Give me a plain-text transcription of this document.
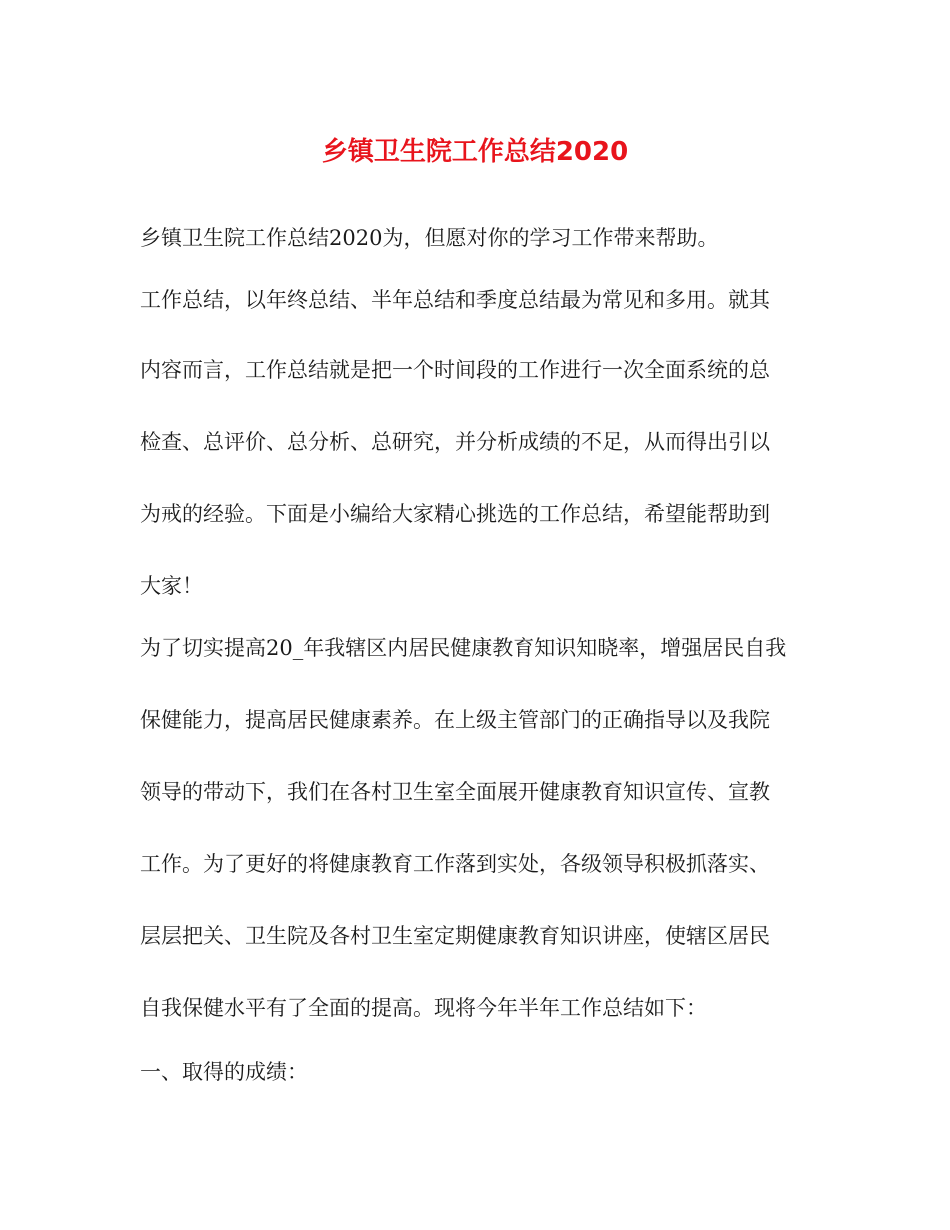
乡镇卫生院工作总结2020
乡镇卫生院工作总结2020为，但愿对你的学习工作带来帮助。
工作总结，以年终总结、半年总结和季度总结最为常见和多用。就其
内容而言，工作总结就是把一个时间段的工作进行一次全面系统的总
检查、总评价、总分析、总研究，并分析成绩的不足，从而得出引以
为戒的经验。下面是小编给大家精心挑选的工作总结，希望能帮助到
大家！
为了切实提高20_年我辖区内居民健康教育知识知晓率，增强居民自我
保健能力，提高居民健康素养。在上级主管部门的正确指导以及我院
领导的带动下，我们在各村卫生室全面展开健康教育知识宣传、宣教
工作。为了更好的将健康教育工作落到实处，各级领导积极抓落实、
层层把关、卫生院及各村卫生室定期健康教育知识讲座，使辖区居民
自我保健水平有了全面的提高。现将今年半年工作总结如下：
一、取得的成绩：
